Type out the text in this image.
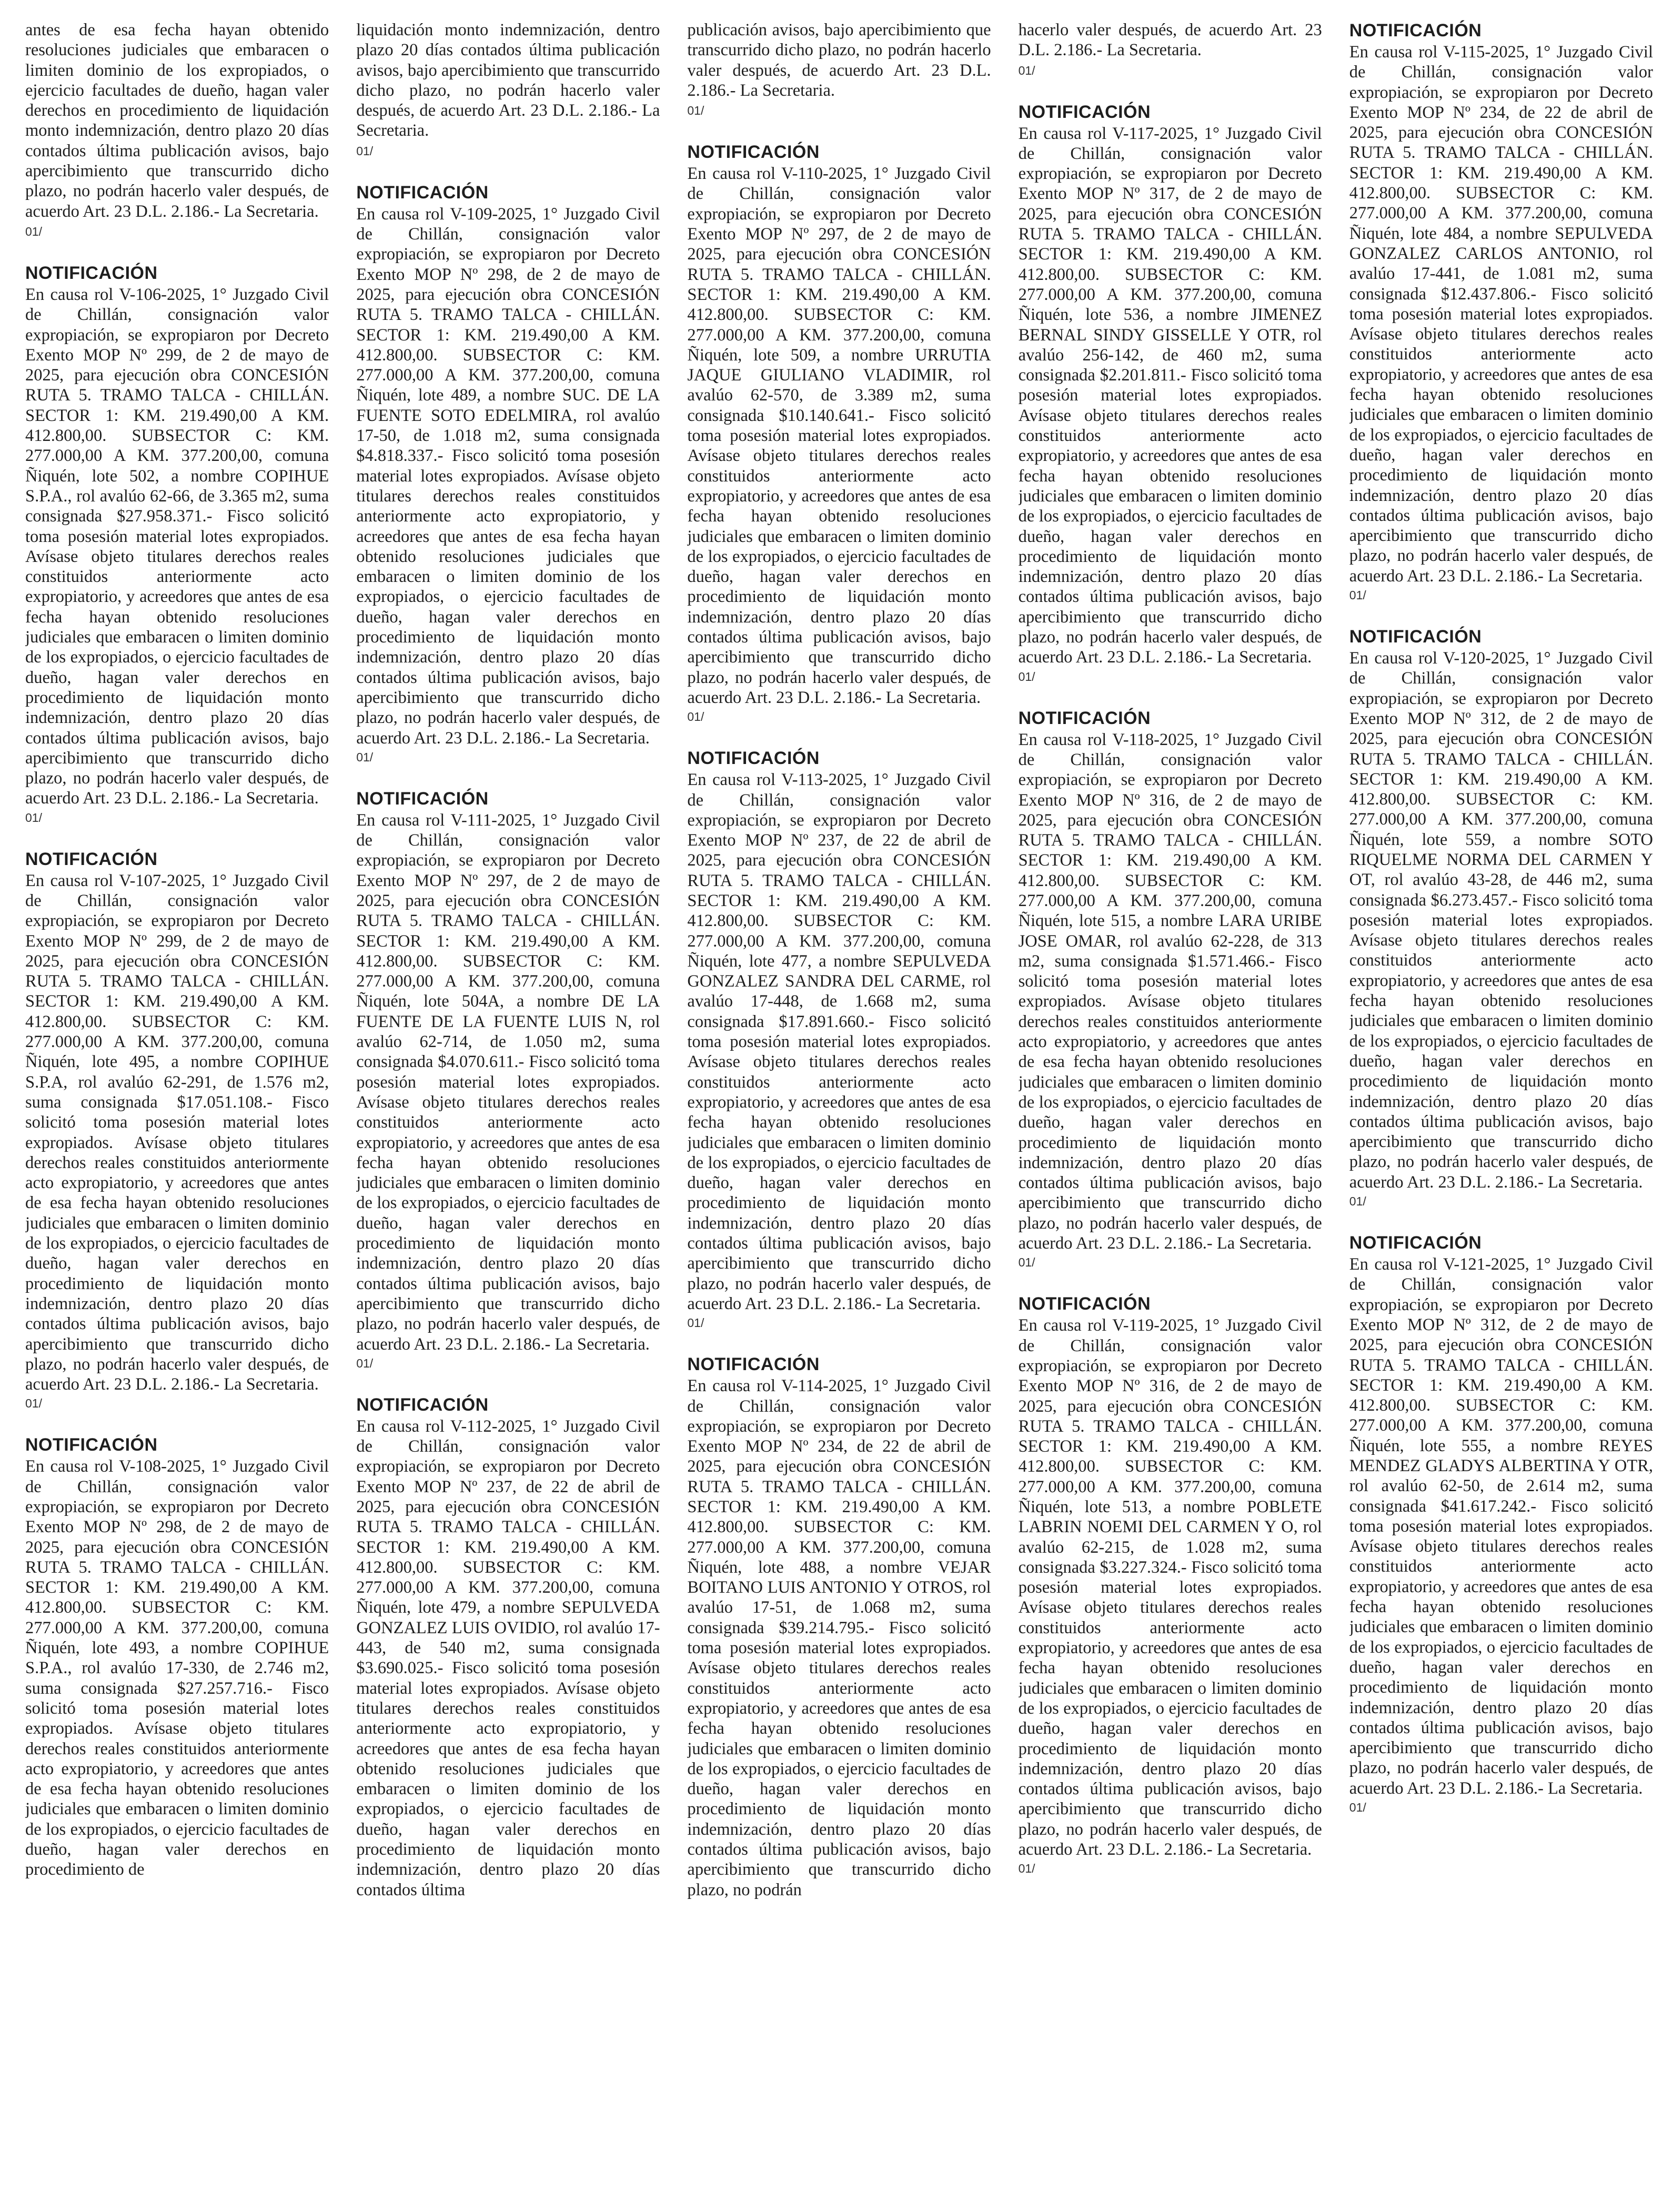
antes de esa fecha hayan obtenido resoluciones judiciales que embaracen o limiten dominio de los expropiados, o ejercicio facultades de dueño, hagan valer derechos en procedimiento de liquidación monto indemnización, dentro plazo 20 días contados última publicación avisos, bajo apercibimiento que transcurrido dicho plazo, no podrán hacerlo valer después, de acuerdo Art. 23 D.L. 2.186.- La Secretaria.

01/
NOTIFICACIÓN

En causa rol V-106-2025, 1° Juzgado Civil de Chillán, consignación valor expropiación, se expropiaron por Decreto Exento MOP Nº 299, de 2 de mayo de 2025, para ejecución obra CONCESIÓN RUTA 5. TRAMO TALCA - CHILLÁN. SECTOR 1: KM. 219.490,00 A KM. 412.800,00. SUBSECTOR C: KM. 277.000,00 A KM. 377.200,00, comuna Ñiquén, lote 502, a nombre COPIHUE S.P.A., rol avalúo 62-66, de 3.365 m2, suma consignada $27.958.371.- Fisco solicitó toma posesión material lotes expropiados. Avísase objeto titulares derechos reales constituidos anteriormente acto expropiatorio, y acreedores que antes de esa fecha hayan obtenido resoluciones judiciales que embaracen o limiten dominio de los expropiados, o ejercicio facultades de dueño, hagan valer derechos en procedimiento de liquidación monto indemnización, dentro plazo 20 días contados última publicación avisos, bajo apercibimiento que transcurrido dicho plazo, no podrán hacerlo valer después, de acuerdo Art. 23 D.L. 2.186.- La Secretaria.

01/
NOTIFICACIÓN

En causa rol V-107-2025, 1° Juzgado Civil de Chillán, consignación valor expropiación, se expropiaron por Decreto Exento MOP Nº 299, de 2 de mayo de 2025, para ejecución obra CONCESIÓN RUTA 5. TRAMO TALCA - CHILLÁN. SECTOR 1: KM. 219.490,00 A KM. 412.800,00. SUBSECTOR C: KM. 277.000,00 A KM. 377.200,00, comuna Ñiquén, lote 495, a nombre COPIHUE S.P.A, rol avalúo 62-291, de 1.576 m2, suma consignada $17.051.108.- Fisco solicitó toma posesión material lotes expropiados. Avísase objeto titulares derechos reales constituidos anteriormente acto expropiatorio, y acreedores que antes de esa fecha hayan obtenido resoluciones judiciales que embaracen o limiten dominio de los expropiados, o ejercicio facultades de dueño, hagan valer derechos en procedimiento de liquidación monto indemnización, dentro plazo 20 días contados última publicación avisos, bajo apercibimiento que transcurrido dicho plazo, no podrán hacerlo valer después, de acuerdo Art. 23 D.L. 2.186.- La Secretaria.

01/
NOTIFICACIÓN

En causa rol V-108-2025, 1° Juzgado Civil de Chillán, consignación valor expropiación, se expropiaron por Decreto Exento MOP Nº 298, de 2 de mayo de 2025, para ejecución obra CONCESIÓN RUTA 5. TRAMO TALCA - CHILLÁN. SECTOR 1: KM. 219.490,00 A KM. 412.800,00. SUBSECTOR C: KM. 277.000,00 A KM. 377.200,00, comuna Ñiquén, lote 493, a nombre COPIHUE S.P.A., rol avalúo 17-330, de 2.746 m2, suma consignada $27.257.716.- Fisco solicitó toma posesión material lotes expropiados. Avísase objeto titulares derechos reales constituidos anteriormente acto expropiatorio, y acreedores que antes de esa fecha hayan obtenido resoluciones judiciales que embaracen o limiten dominio de los expropiados, o ejercicio facultades de dueño, hagan valer derechos en procedimiento de

liquidación monto indemnización, dentro plazo 20 días contados última publicación avisos, bajo apercibimiento que transcurrido dicho plazo, no podrán hacerlo valer después, de acuerdo Art. 23 D.L. 2.186.- La Secretaria.

01/
NOTIFICACIÓN

En causa rol V-109-2025, 1° Juzgado Civil de Chillán, consignación valor expropiación, se expropiaron por Decreto Exento MOP Nº 298, de 2 de mayo de 2025, para ejecución obra CONCESIÓN RUTA 5. TRAMO TALCA - CHILLÁN. SECTOR 1: KM. 219.490,00 A KM. 412.800,00. SUBSECTOR C: KM. 277.000,00 A KM. 377.200,00, comuna Ñiquén, lote 489, a nombre SUC. DE LA FUENTE SOTO EDELMIRA, rol avalúo 17-50, de 1.018 m2, suma consignada $4.818.337.- Fisco solicitó toma posesión material lotes expropiados. Avísase objeto titulares derechos reales constituidos anteriormente acto expropiatorio, y acreedores que antes de esa fecha hayan obtenido resoluciones judiciales que embaracen o limiten dominio de los expropiados, o ejercicio facultades de dueño, hagan valer derechos en procedimiento de liquidación monto indemnización, dentro plazo 20 días contados última publicación avisos, bajo apercibimiento que transcurrido dicho plazo, no podrán hacerlo valer después, de acuerdo Art. 23 D.L. 2.186.- La Secretaria.

01/
NOTIFICACIÓN

En causa rol V-111-2025, 1° Juzgado Civil de Chillán, consignación valor expropiación, se expropiaron por Decreto Exento MOP Nº 297, de 2 de mayo de 2025, para ejecución obra CONCESIÓN RUTA 5. TRAMO TALCA - CHILLÁN. SECTOR 1: KM. 219.490,00 A KM. 412.800,00. SUBSECTOR C: KM. 277.000,00 A KM. 377.200,00, comuna Ñiquén, lote 504A, a nombre DE LA FUENTE DE LA FUENTE LUIS N, rol avalúo 62-714, de 1.050 m2, suma consignada $4.070.611.- Fisco solicitó toma posesión material lotes expropiados. Avísase objeto titulares derechos reales constituidos anteriormente acto expropiatorio, y acreedores que antes de esa fecha hayan obtenido resoluciones judiciales que embaracen o limiten dominio de los expropiados, o ejercicio facultades de dueño, hagan valer derechos en procedimiento de liquidación monto indemnización, dentro plazo 20 días contados última publicación avisos, bajo apercibimiento que transcurrido dicho plazo, no podrán hacerlo valer después, de acuerdo Art. 23 D.L. 2.186.- La Secretaria.

01/
NOTIFICACIÓN

En causa rol V-112-2025, 1° Juzgado Civil de Chillán, consignación valor expropiación, se expropiaron por Decreto Exento MOP Nº 237, de 22 de abril de 2025, para ejecución obra CONCESIÓN RUTA 5. TRAMO TALCA - CHILLÁN. SECTOR 1: KM. 219.490,00 A KM. 412.800,00. SUBSECTOR C: KM. 277.000,00 A KM. 377.200,00, comuna Ñiquén, lote 479, a nombre SEPULVEDA GONZALEZ LUIS OVIDIO, rol avalúo 17-443, de 540 m2, suma consignada $3.690.025.- Fisco solicitó toma posesión material lotes expropiados. Avísase objeto titulares derechos reales constituidos anteriormente acto expropiatorio, y acreedores que antes de esa fecha hayan obtenido resoluciones judiciales que embaracen o limiten dominio de los expropiados, o ejercicio facultades de dueño, hagan valer derechos en procedimiento de liquidación monto indemnización, dentro plazo 20 días contados última

publicación avisos, bajo apercibimiento que transcurrido dicho plazo, no podrán hacerlo valer después, de acuerdo Art. 23 D.L. 2.186.- La Secretaria.

01/
NOTIFICACIÓN

En causa rol V-110-2025, 1° Juzgado Civil de Chillán, consignación valor expropiación, se expropiaron por Decreto Exento MOP Nº 297, de 2 de mayo de 2025, para ejecución obra CONCESIÓN RUTA 5. TRAMO TALCA - CHILLÁN. SECTOR 1: KM. 219.490,00 A KM. 412.800,00. SUBSECTOR C: KM. 277.000,00 A KM. 377.200,00, comuna Ñiquén, lote 509, a nombre URRUTIA JAQUE GIULIANO VLADIMIR, rol avalúo 62-570, de 3.389 m2, suma consignada $10.140.641.- Fisco solicitó toma posesión material lotes expropiados. Avísase objeto titulares derechos reales constituidos anteriormente acto expropiatorio, y acreedores que antes de esa fecha hayan obtenido resoluciones judiciales que embaracen o limiten dominio de los expropiados, o ejercicio facultades de dueño, hagan valer derechos en procedimiento de liquidación monto indemnización, dentro plazo 20 días contados última publicación avisos, bajo apercibimiento que transcurrido dicho plazo, no podrán hacerlo valer después, de acuerdo Art. 23 D.L. 2.186.- La Secretaria.

01/
NOTIFICACIÓN

En causa rol V-113-2025, 1° Juzgado Civil de Chillán, consignación valor expropiación, se expropiaron por Decreto Exento MOP Nº 237, de 22 de abril de 2025, para ejecución obra CONCESIÓN RUTA 5. TRAMO TALCA - CHILLÁN. SECTOR 1: KM. 219.490,00 A KM. 412.800,00. SUBSECTOR C: KM. 277.000,00 A KM. 377.200,00, comuna Ñiquén, lote 477, a nombre SEPULVEDA GONZALEZ SANDRA DEL CARME, rol avalúo 17-448, de 1.668 m2, suma consignada $17.891.660.- Fisco solicitó toma posesión material lotes expropiados. Avísase objeto titulares derechos reales constituidos anteriormente acto expropiatorio, y acreedores que antes de esa fecha hayan obtenido resoluciones judiciales que embaracen o limiten dominio de los expropiados, o ejercicio facultades de dueño, hagan valer derechos en procedimiento de liquidación monto indemnización, dentro plazo 20 días contados última publicación avisos, bajo apercibimiento que transcurrido dicho plazo, no podrán hacerlo valer después, de acuerdo Art. 23 D.L. 2.186.- La Secretaria.

01/
NOTIFICACIÓN

En causa rol V-114-2025, 1° Juzgado Civil de Chillán, consignación valor expropiación, se expropiaron por Decreto Exento MOP Nº 234, de 22 de abril de 2025, para ejecución obra CONCESIÓN RUTA 5. TRAMO TALCA - CHILLÁN. SECTOR 1: KM. 219.490,00 A KM. 412.800,00. SUBSECTOR C: KM. 277.000,00 A KM. 377.200,00, comuna Ñiquén, lote 488, a nombre VEJAR BOITANO LUIS ANTONIO Y OTROS, rol avalúo 17-51, de 1.068 m2, suma consignada $39.214.795.- Fisco solicitó toma posesión material lotes expropiados. Avísase objeto titulares derechos reales constituidos anteriormente acto expropiatorio, y acreedores que antes de esa fecha hayan obtenido resoluciones judiciales que embaracen o limiten dominio de los expropiados, o ejercicio facultades de dueño, hagan valer derechos en procedimiento de liquidación monto indemnización, dentro plazo 20 días contados última publicación avisos, bajo apercibimiento que transcurrido dicho plazo, no podrán

hacerlo valer después, de acuerdo Art. 23 D.L. 2.186.- La Secretaria.

01/
NOTIFICACIÓN

En causa rol V-117-2025, 1° Juzgado Civil de Chillán, consignación valor expropiación, se expropiaron por Decreto Exento MOP Nº 317, de 2 de mayo de 2025, para ejecución obra CONCESIÓN RUTA 5. TRAMO TALCA - CHILLÁN. SECTOR 1: KM. 219.490,00 A KM. 412.800,00. SUBSECTOR C: KM. 277.000,00 A KM. 377.200,00, comuna Ñiquén, lote 536, a nombre JIMENEZ BERNAL SINDY GISSELLE Y OTR, rol avalúo 256-142, de 460 m2, suma consignada $2.201.811.- Fisco solicitó toma posesión material lotes expropiados. Avísase objeto titulares derechos reales constituidos anteriormente acto expropiatorio, y acreedores que antes de esa fecha hayan obtenido resoluciones judiciales que embaracen o limiten dominio de los expropiados, o ejercicio facultades de dueño, hagan valer derechos en procedimiento de liquidación monto indemnización, dentro plazo 20 días contados última publicación avisos, bajo apercibimiento que transcurrido dicho plazo, no podrán hacerlo valer después, de acuerdo Art. 23 D.L. 2.186.- La Secretaria.

01/
NOTIFICACIÓN

En causa rol V-118-2025, 1° Juzgado Civil de Chillán, consignación valor expropiación, se expropiaron por Decreto Exento MOP Nº 316, de 2 de mayo de 2025, para ejecución obra CONCESIÓN RUTA 5. TRAMO TALCA - CHILLÁN. SECTOR 1: KM. 219.490,00 A KM. 412.800,00. SUBSECTOR C: KM. 277.000,00 A KM. 377.200,00, comuna Ñiquén, lote 515, a nombre LARA URIBE JOSE OMAR, rol avalúo 62-228, de 313 m2, suma consignada $1.571.466.- Fisco solicitó toma posesión material lotes expropiados. Avísase objeto titulares derechos reales constituidos anteriormente acto expropiatorio, y acreedores que antes de esa fecha hayan obtenido resoluciones judiciales que embaracen o limiten dominio de los expropiados, o ejercicio facultades de dueño, hagan valer derechos en procedimiento de liquidación monto indemnización, dentro plazo 20 días contados última publicación avisos, bajo apercibimiento que transcurrido dicho plazo, no podrán hacerlo valer después, de acuerdo Art. 23 D.L. 2.186.- La Secretaria.

01/
NOTIFICACIÓN

En causa rol V-119-2025, 1° Juzgado Civil de Chillán, consignación valor expropiación, se expropiaron por Decreto Exento MOP Nº 316, de 2 de mayo de 2025, para ejecución obra CONCESIÓN RUTA 5. TRAMO TALCA - CHILLÁN. SECTOR 1: KM. 219.490,00 A KM. 412.800,00. SUBSECTOR C: KM. 277.000,00 A KM. 377.200,00, comuna Ñiquén, lote 513, a nombre POBLETE LABRIN NOEMI DEL CARMEN Y O, rol avalúo 62-215, de 1.028 m2, suma consignada $3.227.324.- Fisco solicitó toma posesión material lotes expropiados. Avísase objeto titulares derechos reales constituidos anteriormente acto expropiatorio, y acreedores que antes de esa fecha hayan obtenido resoluciones judiciales que embaracen o limiten dominio de los expropiados, o ejercicio facultades de dueño, hagan valer derechos en procedimiento de liquidación monto indemnización, dentro plazo 20 días contados última publicación avisos, bajo apercibimiento que transcurrido dicho plazo, no podrán hacerlo valer después, de acuerdo Art. 23 D.L. 2.186.- La Secretaria.

01/
NOTIFICACIÓN

En causa rol V-115-2025, 1° Juzgado Civil de Chillán, consignación valor expropiación, se expropiaron por Decreto Exento MOP Nº 234, de 22 de abril de 2025, para ejecución obra CONCESIÓN RUTA 5. TRAMO TALCA - CHILLÁN. SECTOR 1: KM. 219.490,00 A KM. 412.800,00. SUBSECTOR C: KM. 277.000,00 A KM. 377.200,00, comuna Ñiquén, lote 484, a nombre SEPULVEDA GONZALEZ CARLOS ANTONIO, rol avalúo 17-441, de 1.081 m2, suma consignada $12.437.806.- Fisco solicitó toma posesión material lotes expropiados. Avísase objeto titulares derechos reales constituidos anteriormente acto expropiatorio, y acreedores que antes de esa fecha hayan obtenido resoluciones judiciales que embaracen o limiten dominio de los expropiados, o ejercicio facultades de dueño, hagan valer derechos en procedimiento de liquidación monto indemnización, dentro plazo 20 días contados última publicación avisos, bajo apercibimiento que transcurrido dicho plazo, no podrán hacerlo valer después, de acuerdo Art. 23 D.L. 2.186.- La Secretaria.

01/
NOTIFICACIÓN

En causa rol V-120-2025, 1° Juzgado Civil de Chillán, consignación valor expropiación, se expropiaron por Decreto Exento MOP Nº 312, de 2 de mayo de 2025, para ejecución obra CONCESIÓN RUTA 5. TRAMO TALCA - CHILLÁN. SECTOR 1: KM. 219.490,00 A KM. 412.800,00. SUBSECTOR C: KM. 277.000,00 A KM. 377.200,00, comuna Ñiquén, lote 559, a nombre SOTO RIQUELME NORMA DEL CARMEN Y OT, rol avalúo 43-28, de 446 m2, suma consignada $6.273.457.- Fisco solicitó toma posesión material lotes expropiados. Avísase objeto titulares derechos reales constituidos anteriormente acto expropiatorio, y acreedores que antes de esa fecha hayan obtenido resoluciones judiciales que embaracen o limiten dominio de los expropiados, o ejercicio facultades de dueño, hagan valer derechos en procedimiento de liquidación monto indemnización, dentro plazo 20 días contados última publicación avisos, bajo apercibimiento que transcurrido dicho plazo, no podrán hacerlo valer después, de acuerdo Art. 23 D.L. 2.186.- La Secretaria.

01/
NOTIFICACIÓN

En causa rol V-121-2025, 1° Juzgado Civil de Chillán, consignación valor expropiación, se expropiaron por Decreto Exento MOP Nº 312, de 2 de mayo de 2025, para ejecución obra CONCESIÓN RUTA 5. TRAMO TALCA - CHILLÁN. SECTOR 1: KM. 219.490,00 A KM. 412.800,00. SUBSECTOR C: KM. 277.000,00 A KM. 377.200,00, comuna Ñiquén, lote 555, a nombre REYES MENDEZ GLADYS ALBERTINA Y OTR, rol avalúo 62-50, de 2.614 m2, suma consignada $41.617.242.- Fisco solicitó toma posesión material lotes expropiados. Avísase objeto titulares derechos reales constituidos anteriormente acto expropiatorio, y acreedores que antes de esa fecha hayan obtenido resoluciones judiciales que embaracen o limiten dominio de los expropiados, o ejercicio facultades de dueño, hagan valer derechos en procedimiento de liquidación monto indemnización, dentro plazo 20 días contados última publicación avisos, bajo apercibimiento que transcurrido dicho plazo, no podrán hacerlo valer después, de acuerdo Art. 23 D.L. 2.186.- La Secretaria.

01/
